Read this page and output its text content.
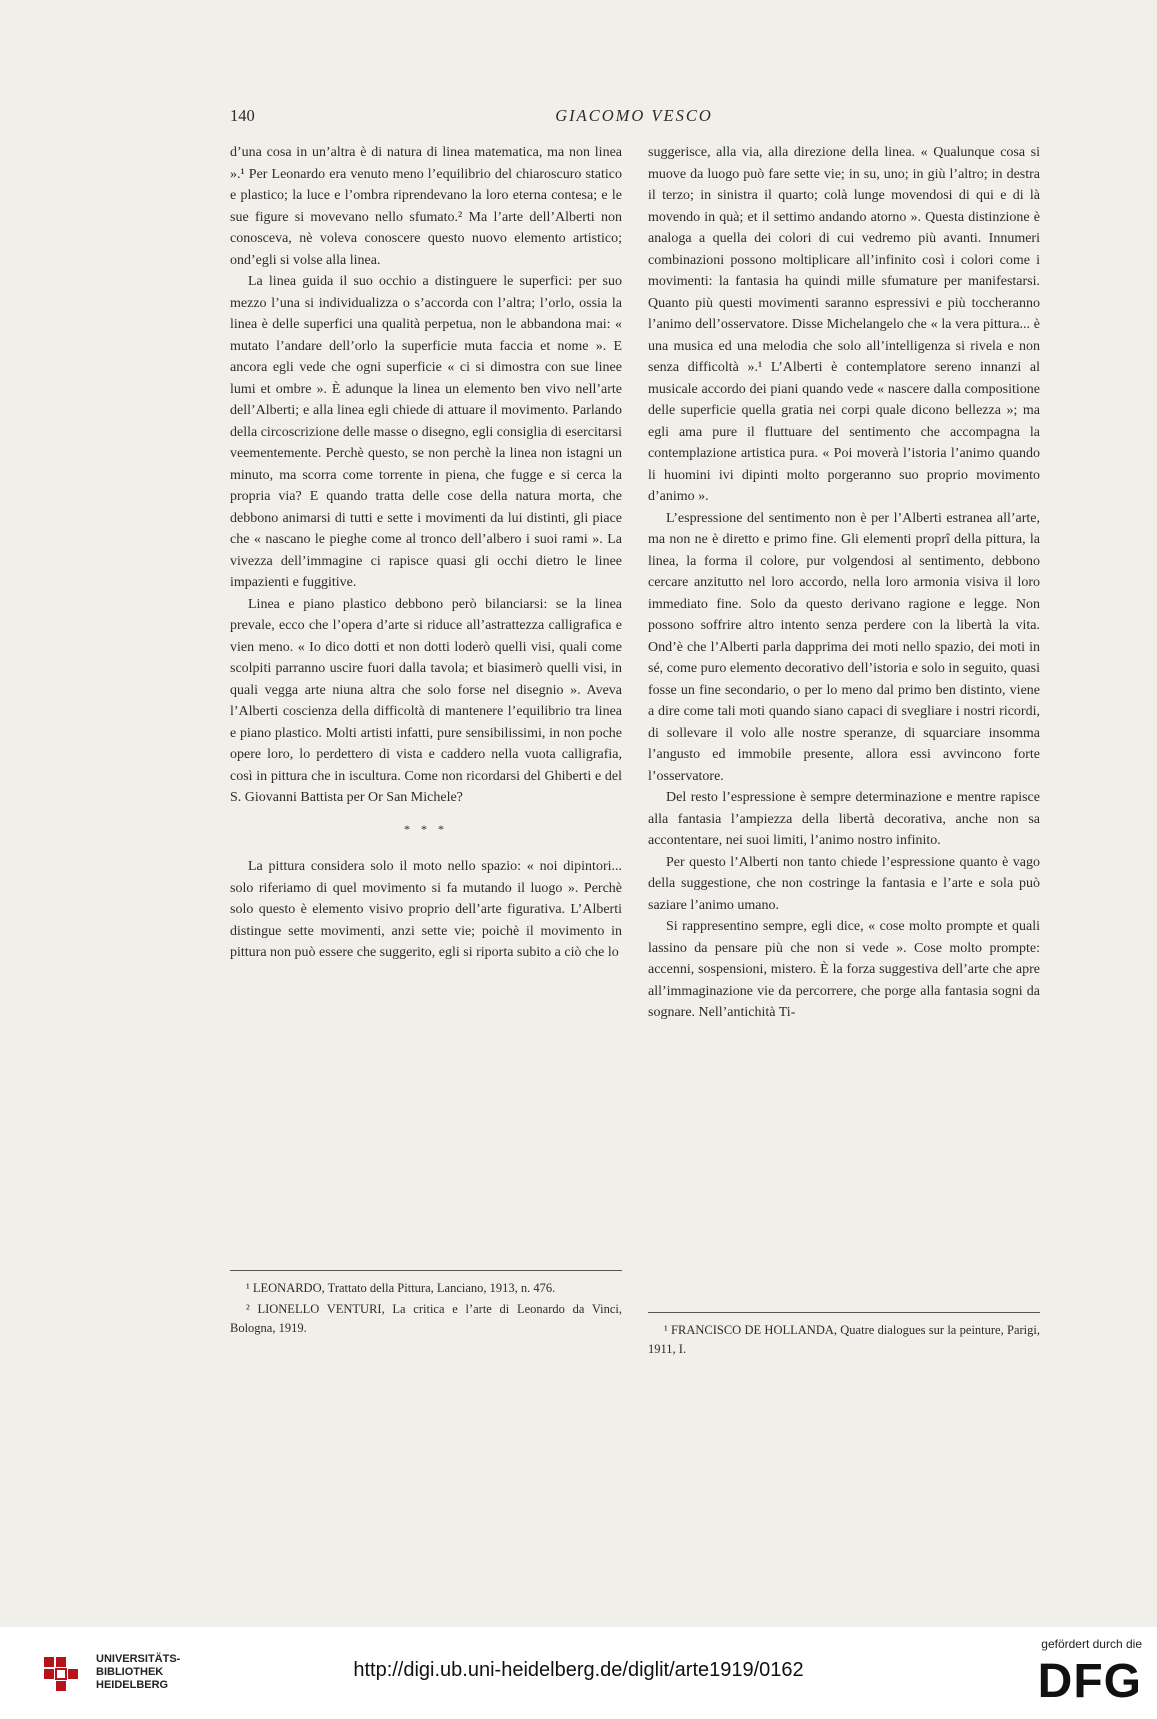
140	GIACOMO VESCO

d’una cosa in un’altra è di natura di linea matematica, ma non linea ».¹ Per Leonardo era venuto meno l’equilibrio del chiaroscuro statico e plastico; la luce e l’ombra riprendevano la loro eterna contesa; e le sue figure si movevano nello sfumato.² Ma l’arte dell’Alberti non conosceva, nè voleva conoscere questo nuovo elemento artistico; ond’egli si volse alla linea.

La linea guida il suo occhio a distinguere le superfici: per suo mezzo l’una si individualizza o s’accorda con l’altra; l’orlo, ossia la linea è delle superfici una qualità perpetua, non le abbandona mai: « mutato l’andare dell’orlo la superficie muta faccia et nome ». E ancora egli vede che ogni superficie « ci si dimostra con sue linee lumi et ombre ». È adunque la linea un elemento ben vivo nell’arte dell’Alberti; e alla linea egli chiede di attuare il movimento. Parlando della circoscrizione delle masse o disegno, egli consiglia di esercitarsi veementemente. Perchè questo, se non perchè la linea non istagni un minuto, ma scorra come torrente in piena, che fugge e si cerca la propria via? E quando tratta delle cose della natura morta, che debbono animarsi di tutti e sette i movimenti da lui distinti, gli piace che « nascano le pieghe come al tronco dell’albero i suoi rami ». La vivezza dell’immagine ci rapisce quasi gli occhi dietro le linee impazienti e fuggitive.

Linea e piano plastico debbono però bilanciarsi: se la linea prevale, ecco che l’opera d’arte si riduce all’astrattezza calligrafica e vien meno. « Io dico dotti et non dotti loderò quelli visi, quali come scolpiti parranno uscire fuori dalla tavola; et biasimerò quelli visi, in quali vegga arte niuna altra che solo forse nel disegnio ». Aveva l’Alberti coscienza della difficoltà di mantenere l’equilibrio tra linea e piano plastico. Molti artisti infatti, pure sensibilissimi, in non poche opere loro, lo perdettero di vista e caddero nella vuota calligrafia, così in pittura che in iscultura. Come non ricordarsi del Ghiberti e del S. Giovanni Battista per Or San Michele?

* * *

La pittura considera solo il moto nello spazio: « noi dipintori... solo riferiamo di quel movimento si fa mutando il luogo ». Perchè solo questo è elemento visivo proprio dell’arte figurativa. L’Alberti distingue sette movimenti, anzi sette vie; poichè il movimento in pittura non può essere che suggerito, egli si riporta subito a ciò che lo

¹ LEONARDO, Trattato della Pittura, Lanciano, 1913, n. 476.

² LIONELLO VENTURI, La critica e l’arte di Leonardo da Vinci, Bologna, 1919.

suggerisce, alla via, alla direzione della linea. « Qualunque cosa si muove da luogo può fare sette vie; in su, uno; in giù l’altro; in destra il terzo; in sinistra il quarto; colà lunge movendosi di qui e di là movendo in quà; et il settimo andando atorno ». Questa distinzione è analoga a quella dei colori di cui vedremo più avanti. Innumeri combinazioni possono moltiplicare all’infinito così i colori come i movimenti: la fantasia ha quindi mille sfumature per manifestarsi. Quanto più questi movimenti saranno espressivi e più toccheranno l’animo dell’osservatore. Disse Michelangelo che « la vera pittura... è una musica ed una melodia che solo all’intelligenza si rivela e non senza difficoltà ».¹ L’Alberti è contemplatore sereno innanzi al musicale accordo dei piani quando vede « nascere dalla compositione delle superficie quella gratia nei corpi quale dicono bellezza »; ma egli ama pure il fluttuare del sentimento che accompagna la contemplazione artistica pura. « Poi moverà l’istoria l’animo quando li huomini ivi dipinti molto porgeranno suo proprio movimento d’animo ».

L’espressione del sentimento non è per l’Alberti estranea all’arte, ma non ne è diretto e primo fine. Gli elementi proprî della pittura, la linea, la forma il colore, pur volgendosi al sentimento, debbono cercare anzitutto nel loro accordo, nella loro armonia visiva il loro immediato fine. Solo da questo derivano ragione e legge. Non possono soffrire altro intento senza perdere con la libertà la vita. Ond’è che l’Alberti parla dapprima dei moti nello spazio, dei moti in sé, come puro elemento decorativo dell’istoria e solo in seguito, quasi fosse un fine secondario, o per lo meno dal primo ben distinto, viene a dire come tali moti quando siano capaci di svegliare i nostri ricordi, di sollevare il volo alle nostre speranze, di squarciare insomma l’angusto ed immobile presente, allora essi avvincono forte l’osservatore.

Del resto l’espressione è sempre determinazione e mentre rapisce alla fantasia l’ampiezza della libertà decorativa, anche non sa accontentare, nei suoi limiti, l’animo nostro infinito.

Per questo l’Alberti non tanto chiede l’espressione quanto è vago della suggestione, che non costringe la fantasia e l’arte e sola può saziare l’animo umano.

Si rappresentino sempre, egli dice, « cose molto prompte et quali lassino da pensare più che non si vede ». Cose molto prompte: accenni, sospensioni, mistero. È la forza suggestiva dell’arte che apre all’immaginazione vie da percorrere, che porge alla fantasia sogni da sognare. Nell’antichità Ti-

¹ FRANCISCO DE HOLLANDA, Quatre dialogues sur la peinture, Parigi, 1911, I.

UNIVERSITÄTS-
BIBLIOTHEK
HEIDELBERG
http://digi.ub.uni-heidelberg.de/diglit/arte1919/0162
gefördert durch die
DFG
